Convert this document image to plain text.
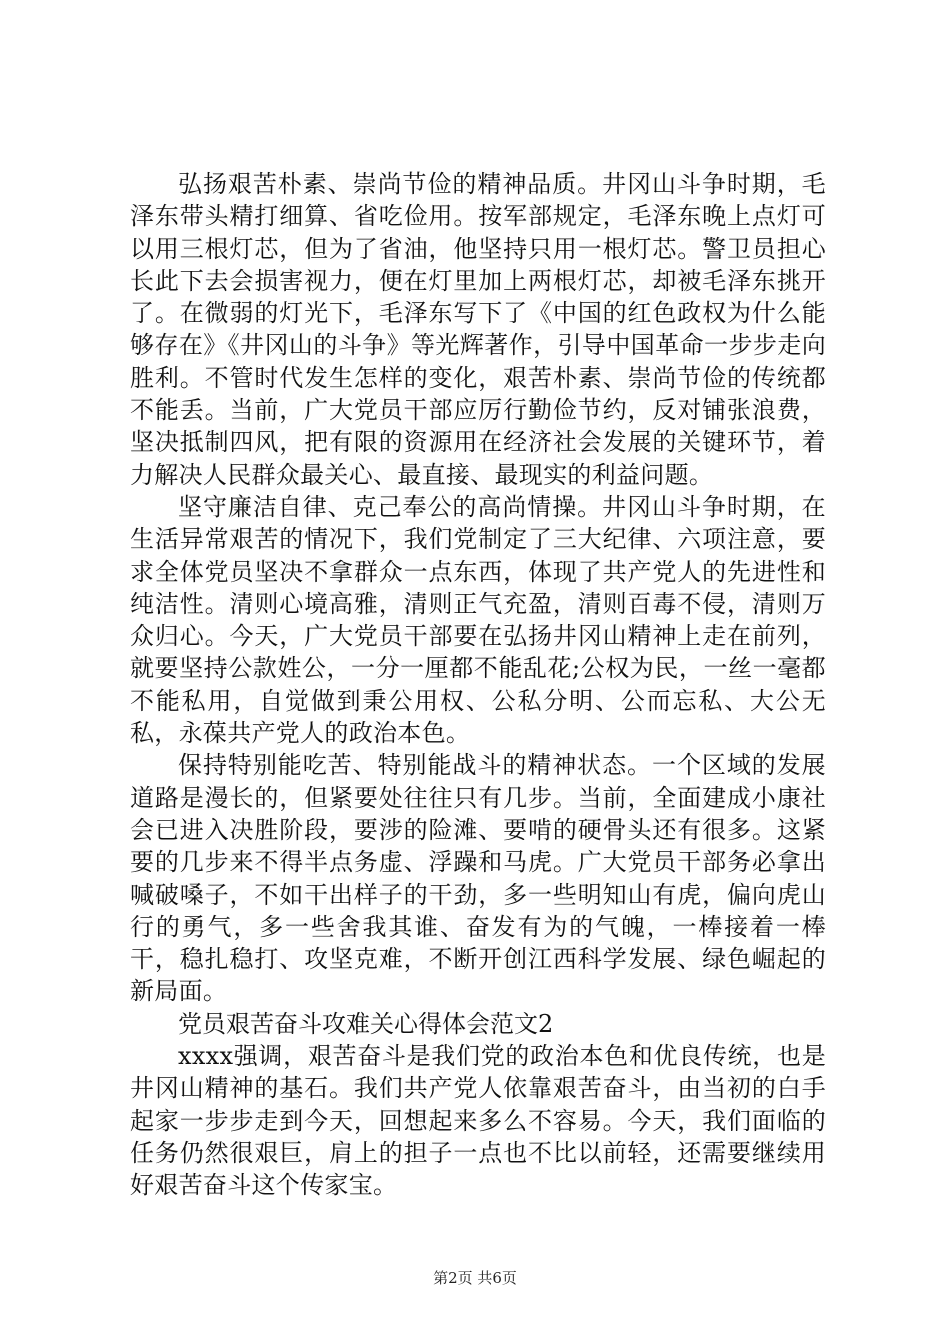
弘扬艰苦朴素、崇尚节俭的精神品质。井冈山斗争时期，毛泽东带头精打细算、省吃俭用。按军部规定，毛泽东晚上点灯可以用三根灯芯，但为了省油，他坚持只用一根灯芯。警卫员担心长此下去会损害视力，便在灯里加上两根灯芯，却被毛泽东挑开了。在微弱的灯光下，毛泽东写下了《中国的红色政权为什么能够存在》《井冈山的斗争》等光辉著作，引导中国革命一步步走向胜利。不管时代发生怎样的变化，艰苦朴素、崇尚节俭的传统都不能丢。当前，广大党员干部应厉行勤俭节约，反对铺张浪费，坚决抵制四风，把有限的资源用在经济社会发展的关键环节，着力解决人民群众最关心、最直接、最现实的利益问题。

坚守廉洁自律、克己奉公的高尚情操。井冈山斗争时期，在生活异常艰苦的情况下，我们党制定了三大纪律、六项注意，要求全体党员坚决不拿群众一点东西，体现了共产党人的先进性和纯洁性。清则心境高雅，清则正气充盈，清则百毒不侵，清则万众归心。今天，广大党员干部要在弘扬井冈山精神上走在前列，就要坚持公款姓公，一分一厘都不能乱花;公权为民，一丝一毫都不能私用，自觉做到秉公用权、公私分明、公而忘私、大公无私，永葆共产党人的政治本色。

保持特别能吃苦、特别能战斗的精神状态。一个区域的发展道路是漫长的，但紧要处往往只有几步。当前，全面建成小康社会已进入决胜阶段，要涉的险滩、要啃的硬骨头还有很多。这紧要的几步来不得半点务虚、浮躁和马虎。广大党员干部务必拿出喊破嗓子，不如干出样子的干劲，多一些明知山有虎，偏向虎山行的勇气，多一些舍我其谁、奋发有为的气魄，一棒接着一棒干，稳扎稳打、攻坚克难，不断开创江西科学发展、绿色崛起的新局面。

党员艰苦奋斗攻难关心得体会范文2

xxxx强调，艰苦奋斗是我们党的政治本色和优良传统，也是井冈山精神的基石。我们共产党人依靠艰苦奋斗，由当初的白手起家一步步走到今天，回想起来多么不容易。今天，我们面临的任务仍然很艰巨，肩上的担子一点也不比以前轻，还需要继续用好艰苦奋斗这个传家宝。

第2页 共6页
